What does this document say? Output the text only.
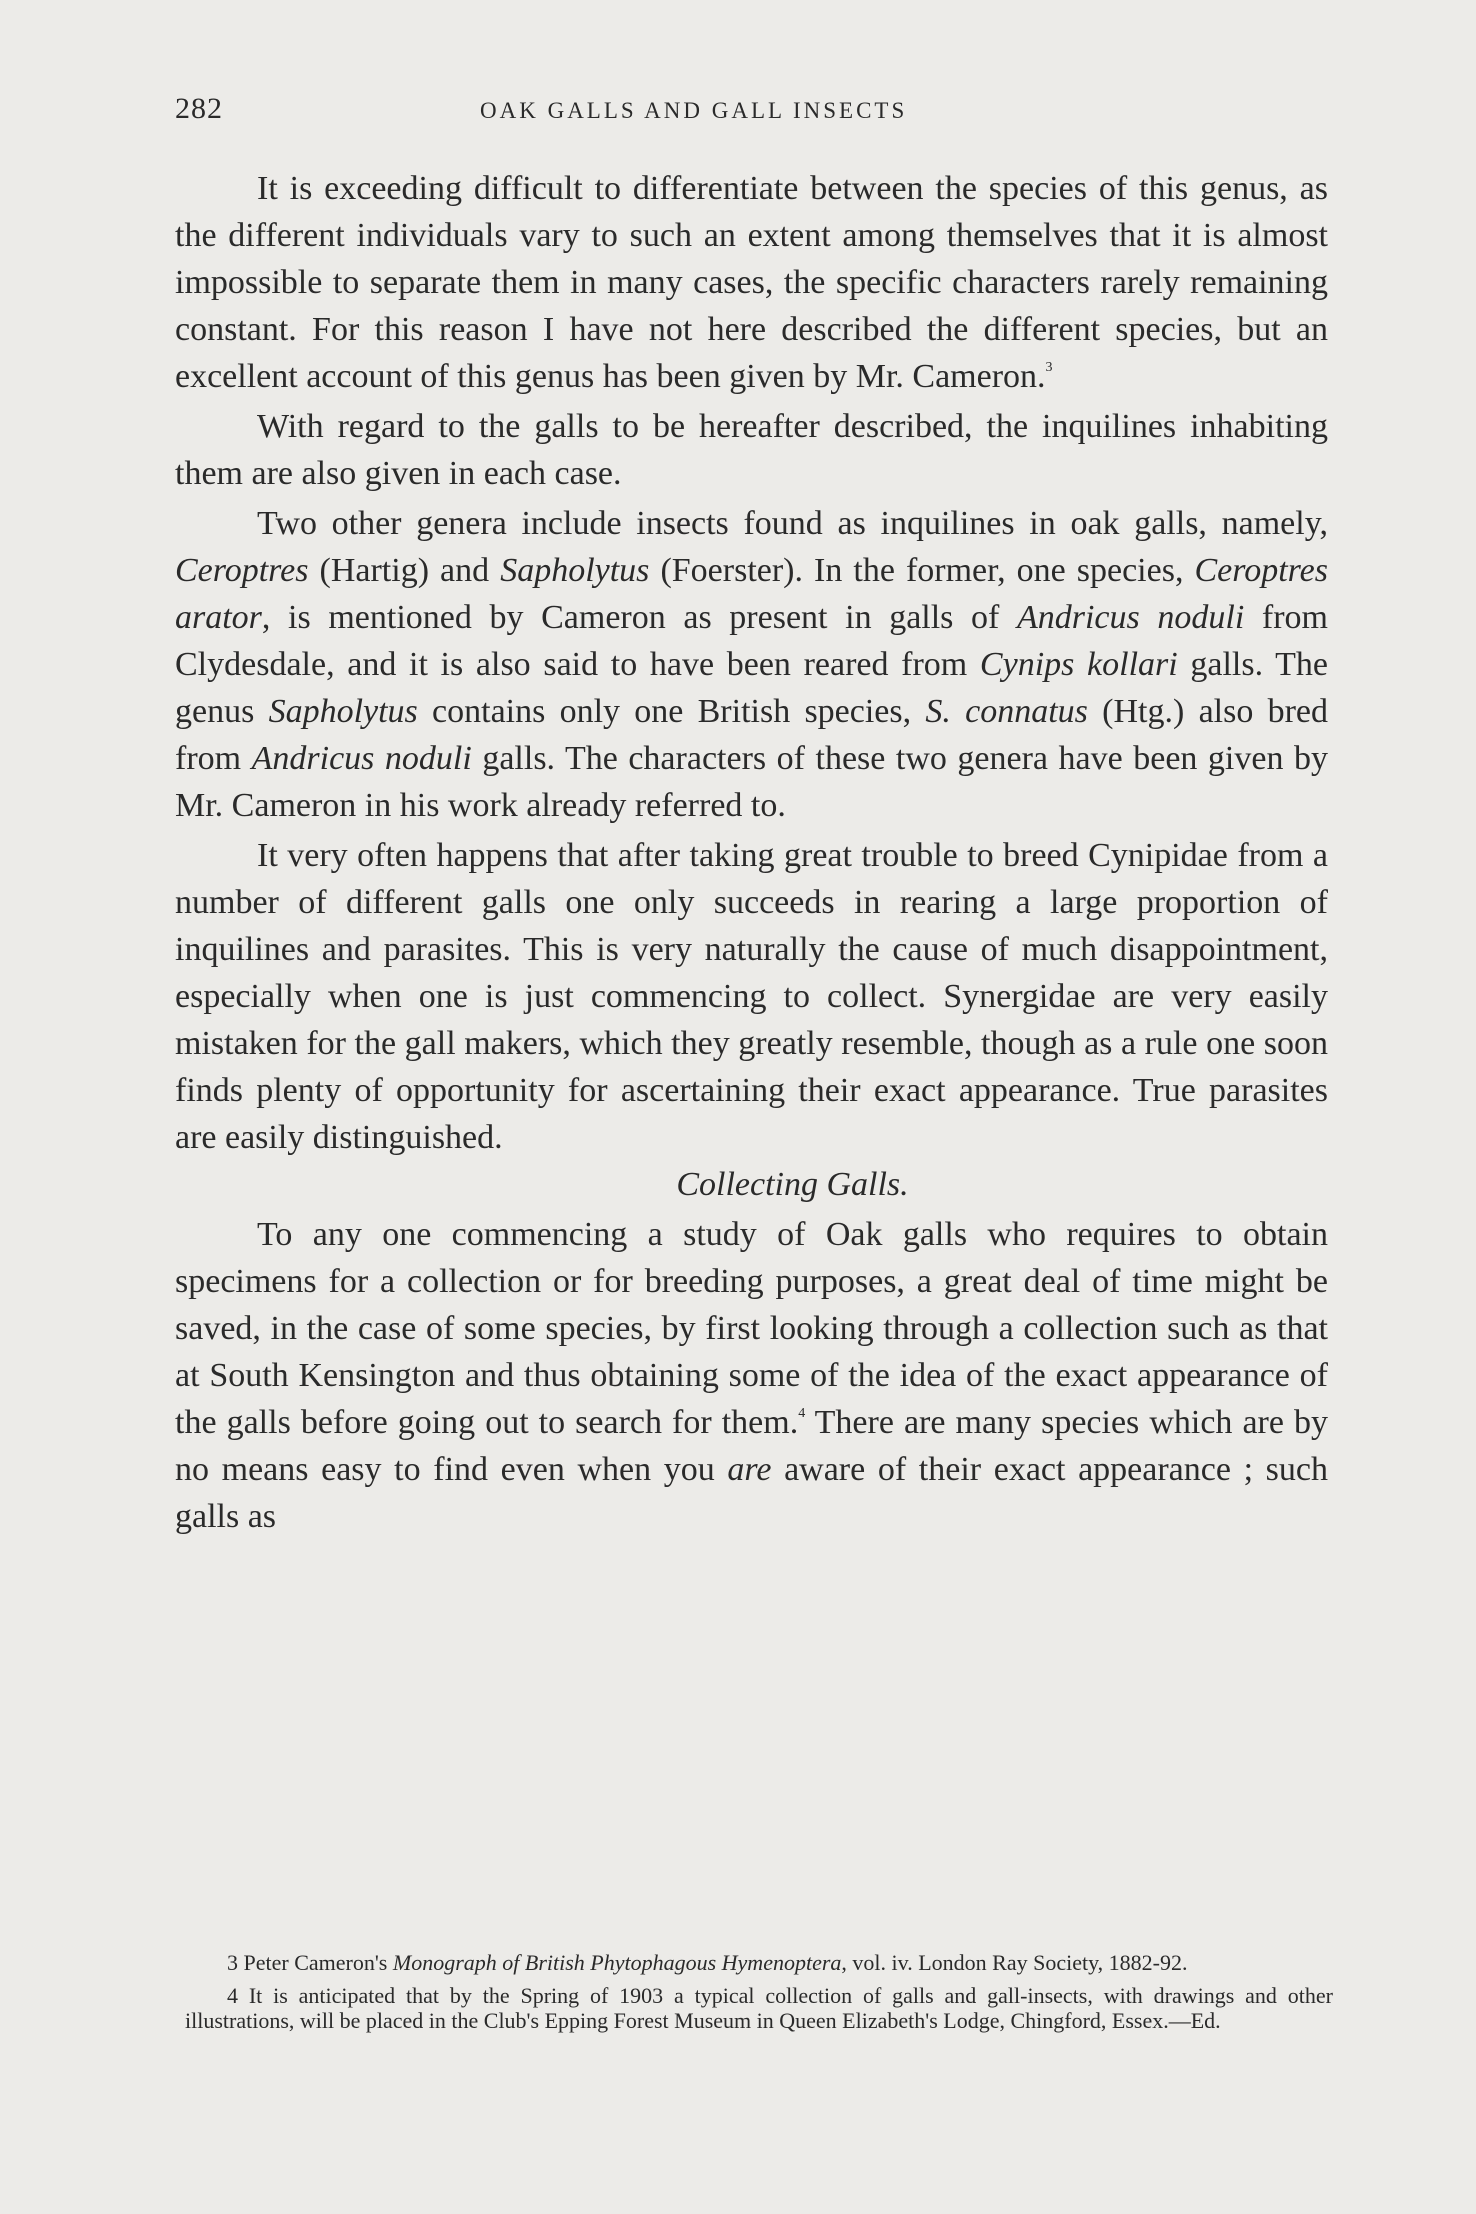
282	OAK GALLS AND GALL INSECTS

It is exceeding difficult to differentiate between the species of this genus, as the different individuals vary to such an extent among themselves that it is almost impossible to separate them in many cases, the specific characters rarely remaining constant. For this reason I have not here described the different species, but an excellent account of this genus has been given by Mr. Cameron.$^3$

With regard to the galls to be hereafter described, the inquilines inhabiting them are also given in each case.

Two other genera include insects found as inquilines in oak galls, namely, Ceroptres (Hartig) and Sapholytus (Foerster). In the former, one species, Ceroptres arator, is mentioned by Cameron as present in galls of Andricus noduli from Clydesdale, and it is also said to have been reared from Cynips kollari galls. The genus Sapholytus contains only one British species, S. connatus (Htg.) also bred from Andricus noduli galls. The characters of these two genera have been given by Mr. Cameron in his work already referred to.

It very often happens that after taking great trouble to breed Cynipidae from a number of different galls one only succeeds in rearing a large proportion of inquilines and parasites. This is very naturally the cause of much disappointment, especially when one is just commencing to collect. Synergidae are very easily mistaken for the gall makers, which they greatly resemble, though as a rule one soon finds plenty of opportunity for ascertaining their exact appearance. True parasites are easily distinguished.

Collecting Galls.

To any one commencing a study of Oak galls who requires to obtain specimens for a collection or for breeding purposes, a great deal of time might be saved, in the case of some species, by first looking through a collection such as that at South Kensington and thus obtaining some of the idea of the exact appearance of the galls before going out to search for them.$^4$ There are many species which are by no means easy to find even when you are aware of their exact appearance ; such galls as

3 Peter Cameron's Monograph of British Phytophagous Hymenoptera, vol. iv. London Ray Society, 1882-92.

4 It is anticipated that by the Spring of 1903 a typical collection of galls and gall-insects, with drawings and other illustrations, will be placed in the Club's Epping Forest Museum in Queen Elizabeth's Lodge, Chingford, Essex.—Ed.
